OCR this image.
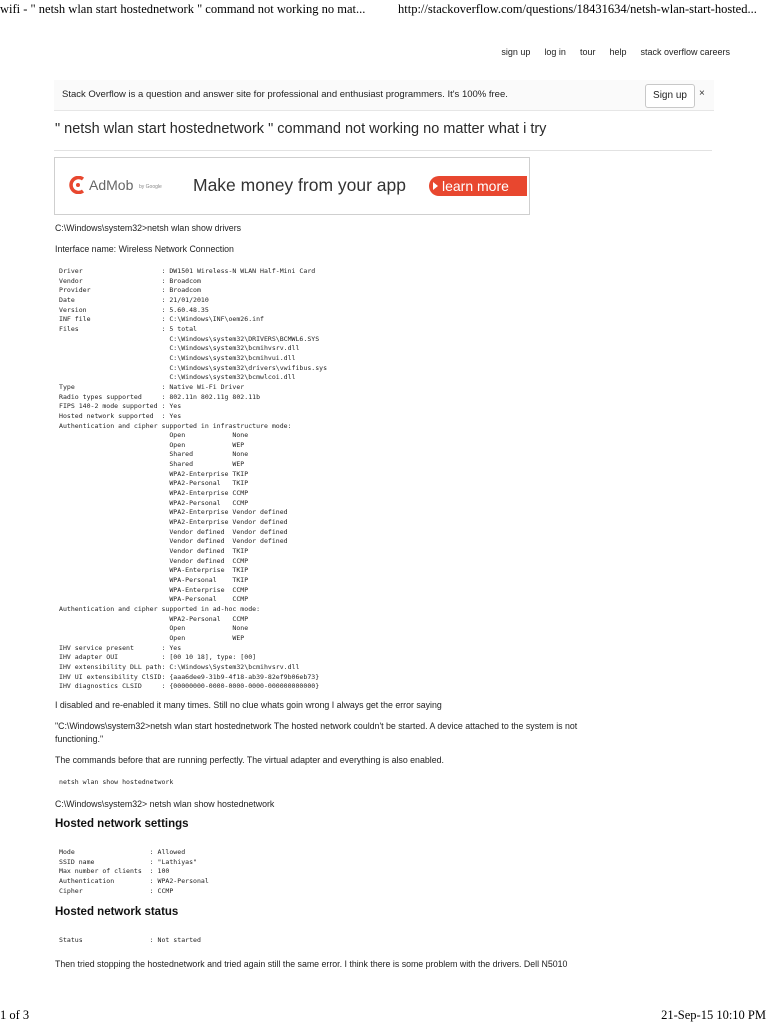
wifi - " netsh wlan start hostednetwork " command not working no mat...	http://stackoverflow.com/questions/18431634/netsh-wlan-start-hosted...
sign up log in tour help stack overflow careers
Stack Overflow is a question and answer site for professional and enthusiast programmers. It's 100% free.	Sign up	×
" netsh wlan start hostednetwork " command not working no matter what i try
AdMob by Google Make money from your app	learn more
C:\Windows\system32>netsh wlan show drivers
Interface name: Wireless Network Connection
Driver                    : DW1501 Wireless-N WLAN Half-Mini Card
Vendor                    : Broadcom
Provider                  : Broadcom
Date                      : 21/01/2010
Version                   : 5.60.48.35
INF file                  : C:\Windows\INF\oem26.inf
Files                     : 5 total
C:\Windows\system32\DRIVERS\BCMWL6.SYS
C:\Windows\system32\bcmihvsrv.dll
C:\Windows\system32\bcmihvui.dll
C:\Windows\system32\drivers\vwifibus.sys
C:\Windows\system32\bcmwlcoi.dll
Type                      : Native Wi-Fi Driver
Radio types supported     : 802.11n 802.11g 802.11b
FIPS 140-2 mode supported : Yes
Hosted network supported  : Yes
Authentication and cipher supported in infrastructure mode:
Open            None
Open            WEP
Shared          None
Shared          WEP
WPA2-Enterprise TKIP
WPA2-Personal   TKIP
WPA2-Enterprise CCMP
WPA2-Personal   CCMP
WPA2-Enterprise Vendor defined
WPA2-Enterprise Vendor defined
Vendor defined  Vendor defined
Vendor defined  Vendor defined
Vendor defined  TKIP
Vendor defined  CCMP
WPA-Enterprise  TKIP
WPA-Personal    TKIP
WPA-Enterprise  CCMP
WPA-Personal    CCMP
Authentication and cipher supported in ad-hoc mode:
WPA2-Personal   CCMP
Open            None
Open            WEP
IHV service present       : Yes
IHV adapter OUI           : [00 10 18], type: [00]
IHV extensibility DLL path: C:\Windows\System32\bcmihvsrv.dll
IHV UI extensibility ClSID: {aaa6dee9-31b9-4f18-ab39-82ef9b06eb73}
IHV diagnostics CLSID     : {00000000-0000-0000-0000-000000000000}
I disabled and re-enabled it many times. Still no clue whats goin wrong I always get the error saying
"C:\Windows\system32>netsh wlan start hostednetwork The hosted network couldn't be started. A device attached to the system is not
functioning."
The commands before that are running perfectly. The virtual adapter and everything is also enabled.
netsh wlan show hostednetwork
C:\Windows\system32> netsh wlan show hostednetwork
Hosted network settings
Mode                   : Allowed
SSID name              : "Lathiyas"
Max number of clients  : 100
Authentication         : WPA2-Personal
Cipher                 : CCMP
Hosted network status
Status                 : Not started
Then tried stopping the hostednetwork and tried again still the same error. I think there is some problem with the drivers. Dell N5010
1 of 3	21-Sep-15 10:10 PM
